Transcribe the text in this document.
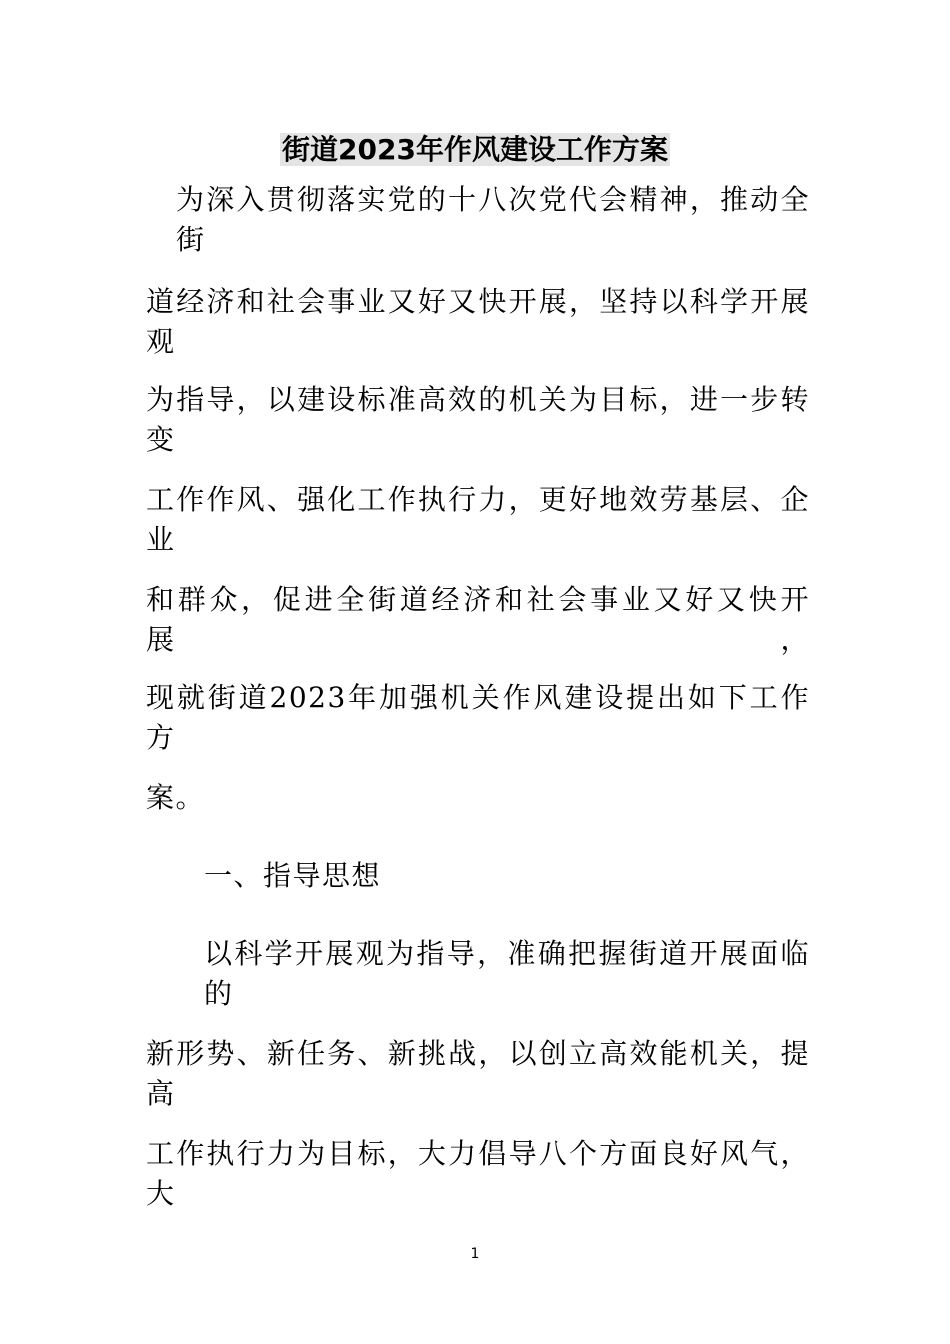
街道2023年作风建设工作方案
为深入贯彻落实党的十八次党代会精神，推动全街
道经济和社会事业又好又快开展，坚持以科学开展观
为指导，以建设标准高效的机关为目标，进一步转变
工作作风、强化工作执行力，更好地效劳基层、企业
和群众，促进全街道经济和社会事业又好又快开展，
现就街道2023年加强机关作风建设提出如下工作方
案。
一、指导思想
以科学开展观为指导，准确把握街道开展面临的
新形势、新任务、新挑战，以创立高效能机关，提高
工作执行力为目标，大力倡导八个方面良好风气，大
1
